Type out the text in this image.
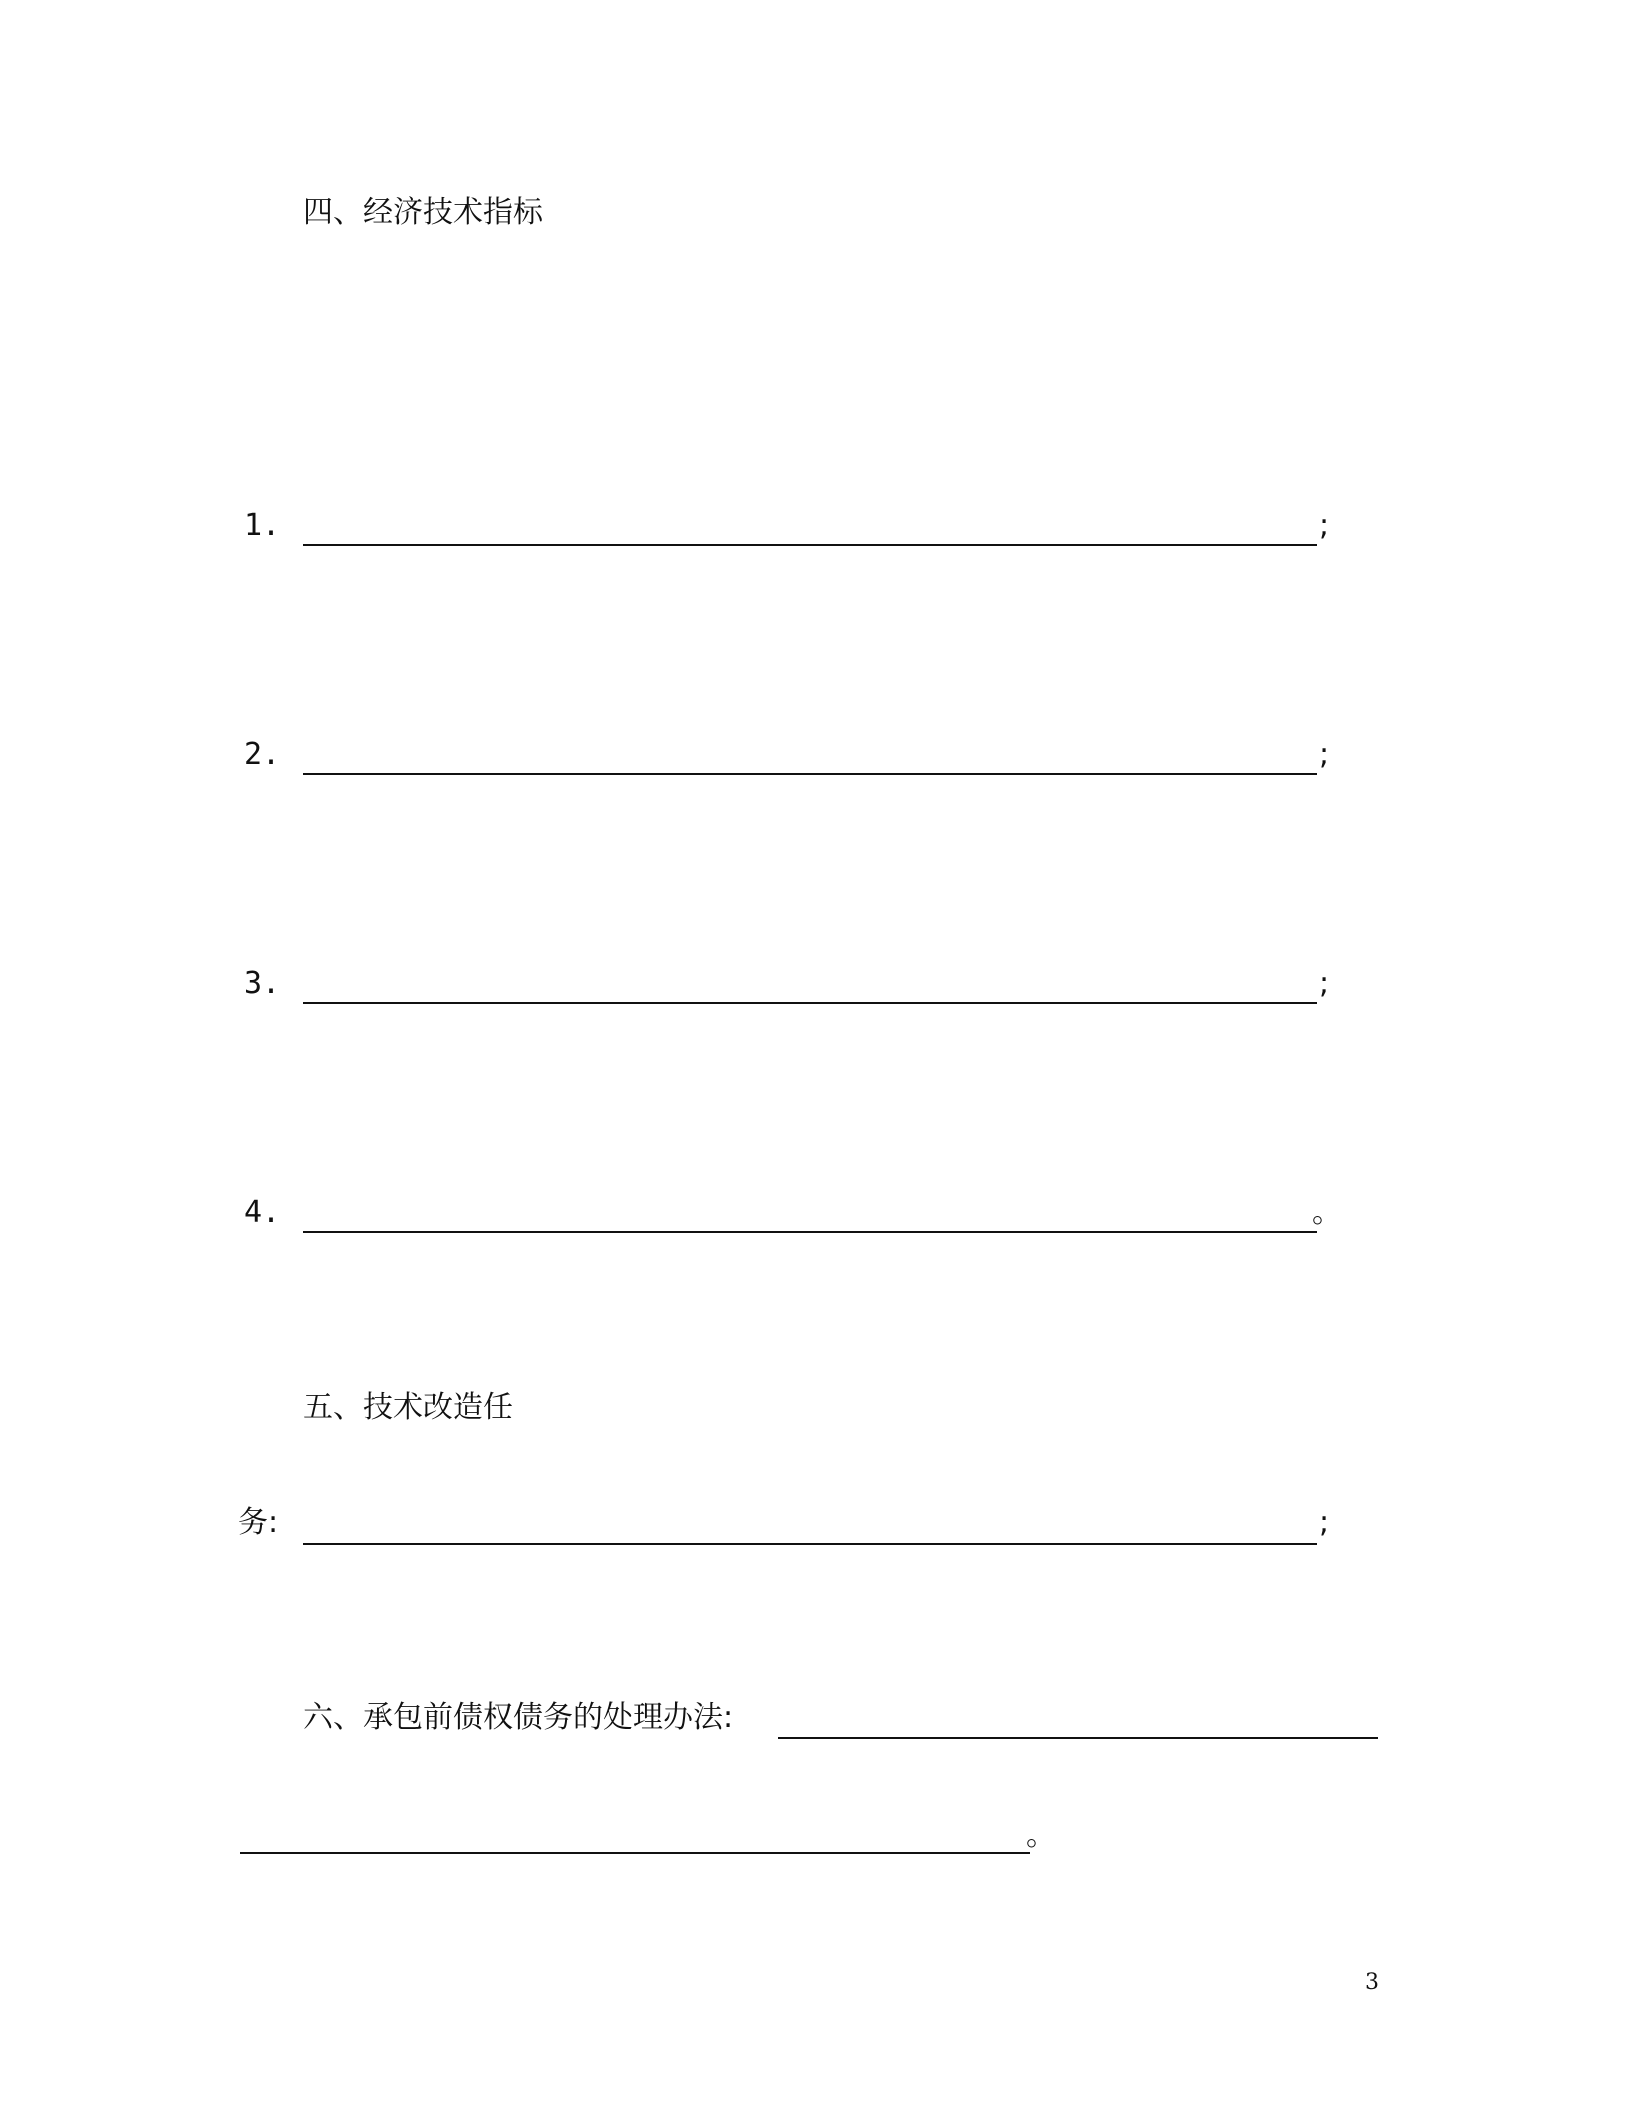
四、经济技术指标
1.	;
2.	;
3.	;
4.	。
五、技术改造任
务:	;
六、承包前债权债务的处理办法:
。
3
